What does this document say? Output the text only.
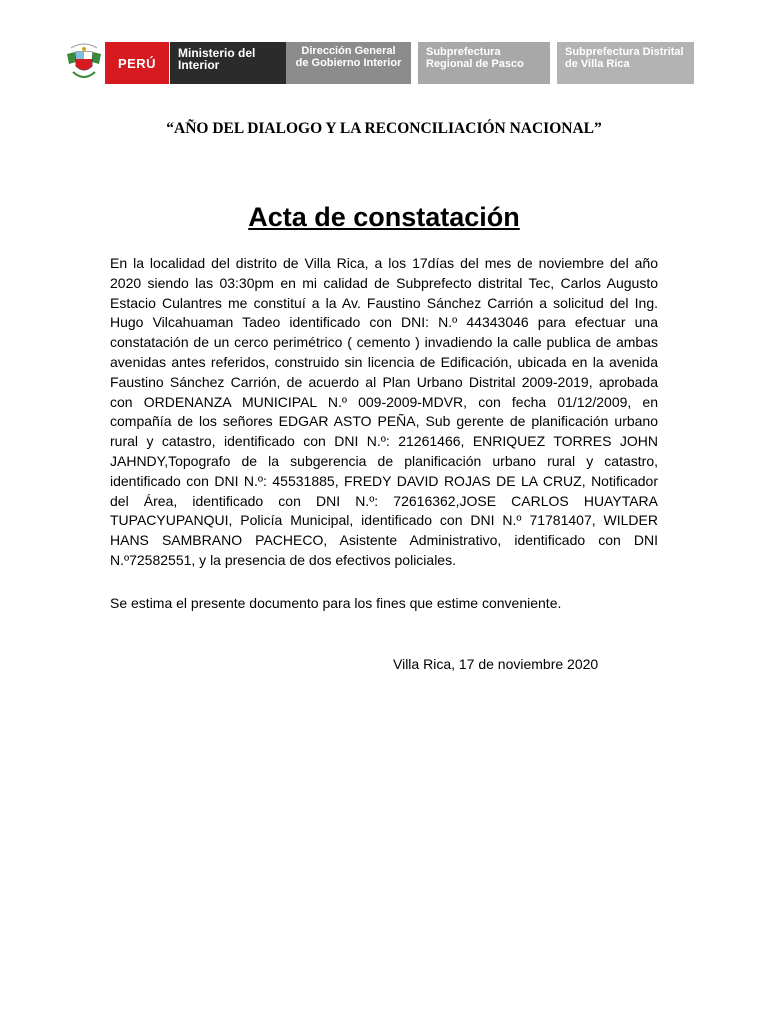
PERÚ
Ministerio del Interior
Dirección General de Gobierno Interior
Subprefectura Regional de Pasco
Subprefectura Distrital de Villa Rica
“AÑO DEL DIALOGO Y LA RECONCILIACIÓN NACIONAL”
Acta de constatación
En la localidad del distrito de Villa Rica, a los 17días del mes de noviembre del año 2020 siendo las 03:30pm en mi calidad de Subprefecto distrital Tec, Carlos Augusto Estacio Culantres me constituí a la Av. Faustino Sánchez Carrión a solicitud del Ing. Hugo Vilcahuaman Tadeo identificado con DNI: N.º 44343046 para efectuar una constatación de un cerco perimétrico ( cemento ) invadiendo la calle publica de ambas avenidas antes referidos, construido sin licencia de Edificación, ubicada en la avenida Faustino Sánchez Carrión, de acuerdo al Plan Urbano Distrital 2009-2019, aprobada con ORDENANZA MUNICIPAL N.º 009-2009-MDVR, con fecha 01/12/2009, en compañía de los señores EDGAR ASTO PEÑA, Sub gerente de planificación urbano rural y catastro, identificado con DNI N.º: 21261466, ENRIQUEZ TORRES JOHN JAHNDY,Topografo de la subgerencia de planificación urbano rural y catastro, identificado con DNI N.º: 45531885, FREDY DAVID ROJAS DE LA CRUZ, Notificador del Área, identificado con DNI N.º: 72616362,JOSE CARLOS HUAYTARA TUPACYUPANQUI, Policía Municipal, identificado con DNI N.º 71781407, WILDER HANS SAMBRANO PACHECO, Asistente Administrativo, identificado con DNI N.º72582551, y la presencia de dos efectivos policiales.
Se estima el presente documento para los fines que estime conveniente.
Villa Rica, 17 de noviembre 2020
